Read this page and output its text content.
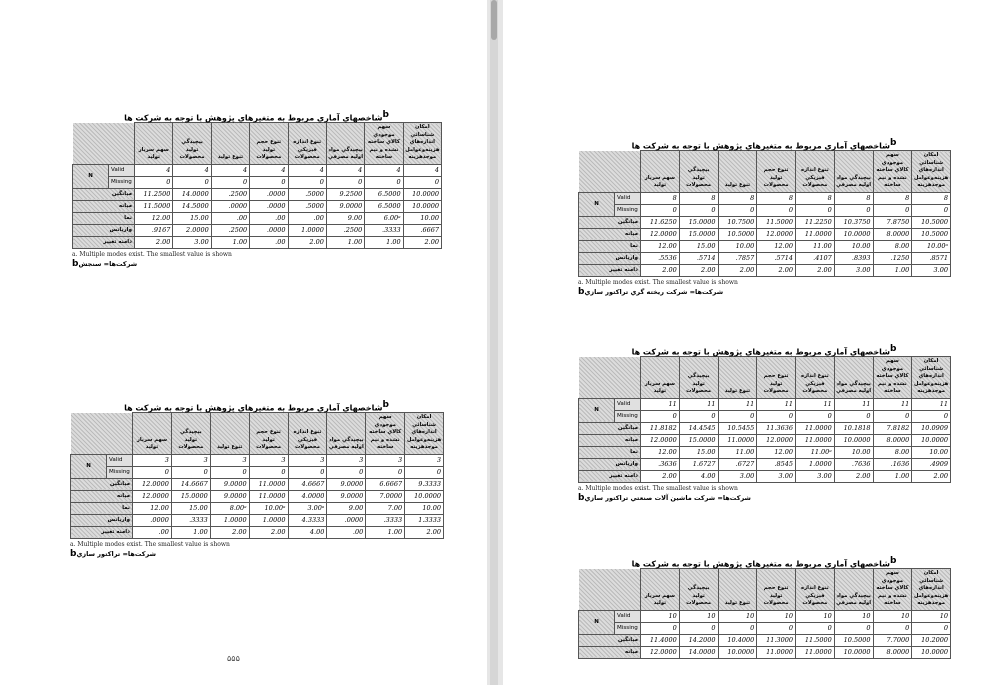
bشاخصهاي آماري مربوط به متغیرهاي پژوهش با توجه به شرکت ها
		سهم سربار تولید	بیچیدگي تولید محصولات	تنوع تولید	تنوع حجم تولید محصولات	تنوع اندازه فیزیکي محصولات	بیچیدگي مواد اولیه مصرفي	سهم موجودي کالاي ساخته نشده و نیم ساخته	امکان شناسائي اندازه‌هاي هزینه‌وعوامل موجدهزینه
N	Valid	4	4	4	4	4	4	4	4
	Missing	0	0	0	0	0	0	0	0
میانگین		11.2500	14.0000	.2500	.0000	.5000	9.2500	6.5000	10.0000
میانه		11.5000	14.5000	.0000	.0000	.5000	9.0000	6.5000	10.0000
نما		12.00	15.00	.00	.00	.00	9.00	6.00ᵃ	10.00
واریانس		.9167	2.0000	.2500	.0000	1.0000	.2500	.3333	.6667
دامنه تغییر		2.00	3.00	1.00	.00	2.00	1.00	1.00	2.00
a. Multiple modes exist. The smallest value is shown
شرکت‌ها= سنجشb
bشاخصهاي آماري مربوط به متغیرهاي پژوهش با توجه به شرکت ها
		سهم سربار تولید	بیچیدگي تولید محصولات	تنوع تولید	تنوع حجم تولید محصولات	تنوع اندازه فیزیکي محصولات	بیچیدگي مواد اولیه مصرفي	سهم موجودي کالاي ساخته نشده و نیم ساخته	امکان شناسائي اندازه‌هاي هزینه‌وعوامل موجدهزینه
N	Valid	3	3	3	3	3	3	3	3
	Missing	0	0	0	0	0	0	0	0
میانگین		12.0000	14.6667	9.0000	11.0000	4.6667	9.0000	6.6667	9.3333
میانه		12.0000	15.0000	9.0000	11.0000	4.0000	9.0000	7.0000	10.0000
نما		12.00	15.00	8.00ᵃ	10.00ᵃ	3.00ᵃ	9.00	7.00	10.00
واریانس		.0000	.3333	1.0000	1.0000	4.3333	.0000	.3333	1.3333
دامنه تغییر		.00	1.00	2.00	2.00	4.00	.00	1.00	2.00
a. Multiple modes exist. The smallest value is shown
شرکت‌ها= تراکتور سازيb
۵۵۵
bشاخصهاي آماري مربوط به متغیرهاي پژوهش با توجه به شرکت ها
		سهم سربار تولید	بیچیدگي تولید محصولات	تنوع تولید	تنوع حجم تولید محصولات	تنوع اندازه فیزیکي محصولات	بیچیدگي مواد اولیه مصرفي	سهم موجودي کالاي ساخته نشده و نیم ساخته	امکان شناسائي اندازه‌هاي هزینه‌وعوامل موجدهزینه
N	Valid	8	8	8	8	8	8	8	8
	Missing	0	0	0	0	0	0	0	0
میانگین		11.6250	15.0000	10.7500	11.5000	11.2250	10.3750	7.8750	10.5000
میانه		12.0000	15.0000	10.5000	12.0000	11.0000	10.0000	8.0000	10.5000
نما		12.00	15.00	10.00	12.00	11.00	10.00	8.00	10.00ᵃ
واریانس		.5536	.5714	.7857	.5714	.4107	.8393	.1250	.8571
دامنه تغییر		2.00	2.00	2.00	2.00	2.00	3.00	1.00	3.00
a. Multiple modes exist. The smallest value is shown
شرکت‌ها= شرکت ریخته گري تراکتور سازيb
bشاخصهاي آماري مربوط به متغیرهاي پژوهش با توجه به شرکت ها
		سهم سربار تولید	بیچیدگي تولید محصولات	تنوع تولید	تنوع حجم تولید محصولات	تنوع اندازه فیزیکي محصولات	بیچیدگي مواد اولیه مصرفي	سهم موجودي کالاي ساخته نشده و نیم ساخته	امکان شناسائي اندازه‌هاي هزینه‌وعوامل موجدهزینه
N	Valid	11	11	11	11	11	11	11	11
	Missing	0	0	0	0	0	0	0	0
میانگین		11.8182	14.4545	10.5455	11.3636	11.0000	10.1818	7.8182	10.0909
میانه		12.0000	15.0000	11.0000	12.0000	11.0000	10.0000	8.0000	10.0000
نما		12.00	15.00	11.00	12.00	11.00ᵃ	10.00	8.00	10.00
واریانس		.3636	1.6727	.6727	.8545	1.0000	.7636	.1636	.4909
دامنه تغییر		2.00	4.00	3.00	3.00	3.00	2.00	1.00	2.00
a. Multiple modes exist. The smallest value is shown
شرکت‌ها= شرکت ماشین آلات صنعتي تراکتور سازيb
bشاخصهاي آماري مربوط به متغیرهاي پژوهش با توجه به شرکت ها
		سهم سربار تولید	بیچیدگي تولید محصولات	تنوع تولید	تنوع حجم تولید محصولات	تنوع اندازه فیزیکي محصولات	بیچیدگي مواد اولیه مصرفي	سهم موجودي کالاي ساخته نشده و نیم ساخته	امکان شناسائي اندازه‌هاي هزینه‌وعوامل موجدهزینه
N	Valid	10	10	10	10	10	10	10	10
	Missing	0	0	0	0	0	0	0	0
میانگین		11.4000	14.2000	10.4000	11.3000	11.5000	10.5000	7.7000	10.2000
میانه		12.0000	14.0000	10.0000	11.0000	11.0000	10.0000	8.0000	10.0000
